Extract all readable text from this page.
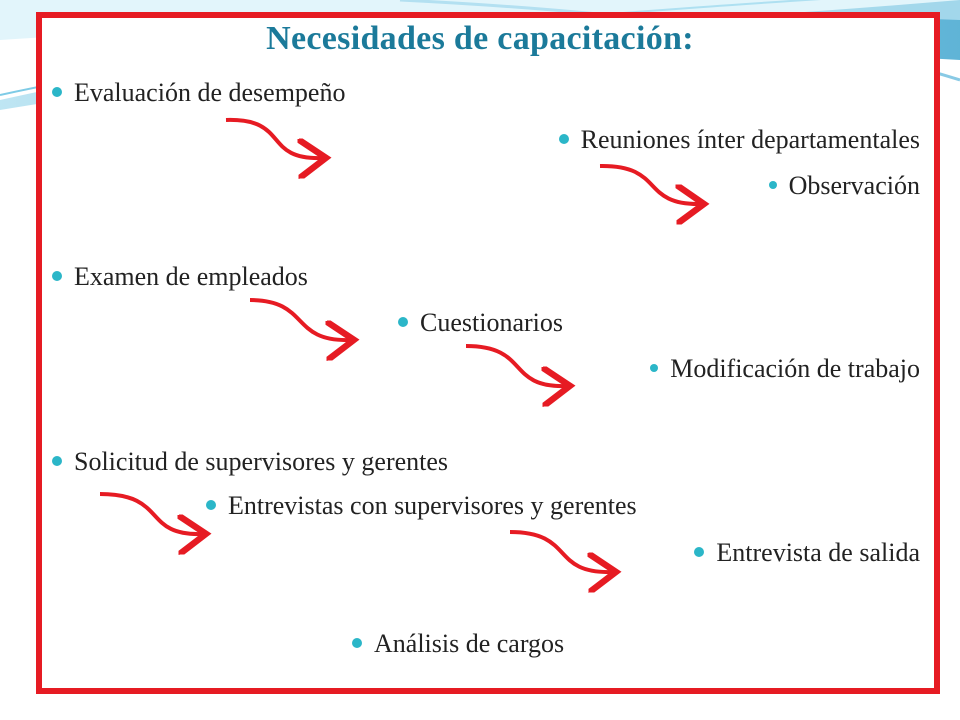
Necesidades de capacitación:
Evaluación de desempeño
Reuniones ínter departamentales
Observación
Examen de empleados
Cuestionarios
Modificación de trabajo
Solicitud de supervisores y gerentes
Entrevistas con supervisores y gerentes
Entrevista de salida
Análisis de cargos
